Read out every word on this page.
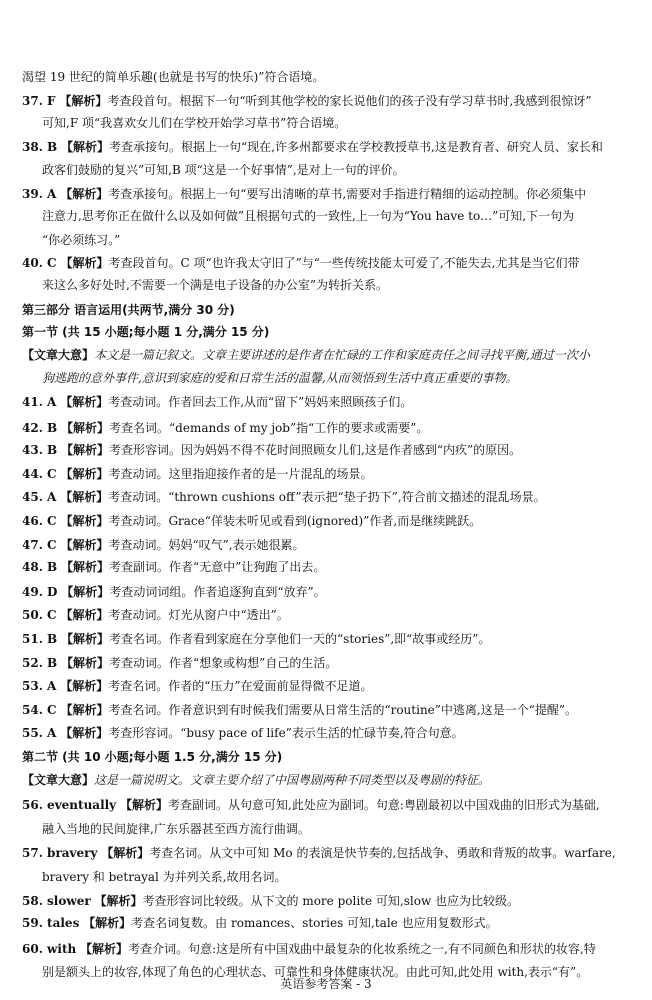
渴望 19 世纪的简单乐趣(也就是书写的快乐)”符合语境。
37. F 【解析】考查段首句。根据下一句“听到其他学校的家长说他们的孩子没有学习草书时,我感到很惊讶”
可知,F 项“我喜欢女儿们在学校开始学习草书”符合语境。
38. B 【解析】考查承接句。根据上一句“现在,许多州都要求在学校教授草书,这是教育者、研究人员、家长和
政客们鼓励的复兴”可知,B 项“这是一个好事情”,是对上一句的评价。
39. A 【解析】考查承接句。根据上一句“要写出清晰的草书,需要对手指进行精细的运动控制。你必须集中
注意力,思考你正在做什么以及如何做”且根据句式的一致性,上一句为“You have to…”可知,下一句为
“你必须练习。”
40. C 【解析】考查段首句。C 项“也许我太守旧了”与“一些传统技能太可爱了,不能失去,尤其是当它们带
来这么多好处时,不需要一个满是电子设备的办公室”为转折关系。
第三部分 语言运用(共两节,满分 30 分)
第一节 (共 15 小题;每小题 1 分,满分 15 分)
【文章大意】本文是一篇记叙文。文章主要讲述的是作者在忙碌的工作和家庭责任之间寻找平衡,通过一次小
狗逃跑的意外事件,意识到家庭的爱和日常生活的温馨,从而领悟到生活中真正重要的事物。
41. A 【解析】考查动词。作者回去工作,从而“留下”妈妈来照顾孩子们。
42. B 【解析】考查名词。“demands of my job”指“工作的要求或需要”。
43. B 【解析】考查形容词。因为妈妈不得不花时间照顾女儿们,这是作者感到“内疚”的原因。
44. C 【解析】考查动词。这里指迎接作者的是一片混乱的场景。
45. A 【解析】考查动词。“thrown cushions off”表示把“垫子扔下”,符合前文描述的混乱场景。
46. C 【解析】考查动词。Grace“佯装未听见或看到(ignored)”作者,而是继续跳跃。
47. C 【解析】考查动词。妈妈“叹气”,表示她很累。
48. B 【解析】考查副词。作者“无意中”让狗跑了出去。
49. D 【解析】考查动词词组。作者追逐狗直到“放弃”。
50. C 【解析】考查动词。灯光从窗户中“透出”。
51. B 【解析】考查名词。作者看到家庭在分享他们一天的“stories”,即“故事或经历”。
52. B 【解析】考查动词。作者“想象或构想”自己的生活。
53. A 【解析】考查名词。作者的“压力”在爱面前显得微不足道。
54. C 【解析】考查名词。作者意识到有时候我们需要从日常生活的“routine”中逃离,这是一个“提醒”。
55. A 【解析】考查形容词。“busy pace of life”表示生活的忙碌节奏,符合句意。
第二节 (共 10 小题;每小题 1.5 分,满分 15 分)
【文章大意】这是一篇说明文。文章主要介绍了中国粤剧两种不同类型以及粤剧的特征。
56. eventually 【解析】考查副词。从句意可知,此处应为副词。句意:粤剧最初以中国戏曲的旧形式为基础,
融入当地的民间旋律,广东乐器甚至西方流行曲调。
57. bravery 【解析】考查名词。从文中可知 Mo 的表演是快节奏的,包括战争、勇敢和背叛的故事。warfare,
bravery 和 betrayal 为并列关系,故用名词。
58. slower 【解析】考查形容词比较级。从下文的 more polite 可知,slow 也应为比较级。
59. tales 【解析】考查名词复数。由 romances、stories 可知,tale 也应用复数形式。
60. with 【解析】考查介词。句意:这是所有中国戏曲中最复杂的化妆系统之一,有不同颜色和形状的妆容,特
别是额头上的妆容,体现了角色的心理状态、可靠性和身体健康状况。由此可知,此处用 with,表示“有”。
英语参考答案 - 3
